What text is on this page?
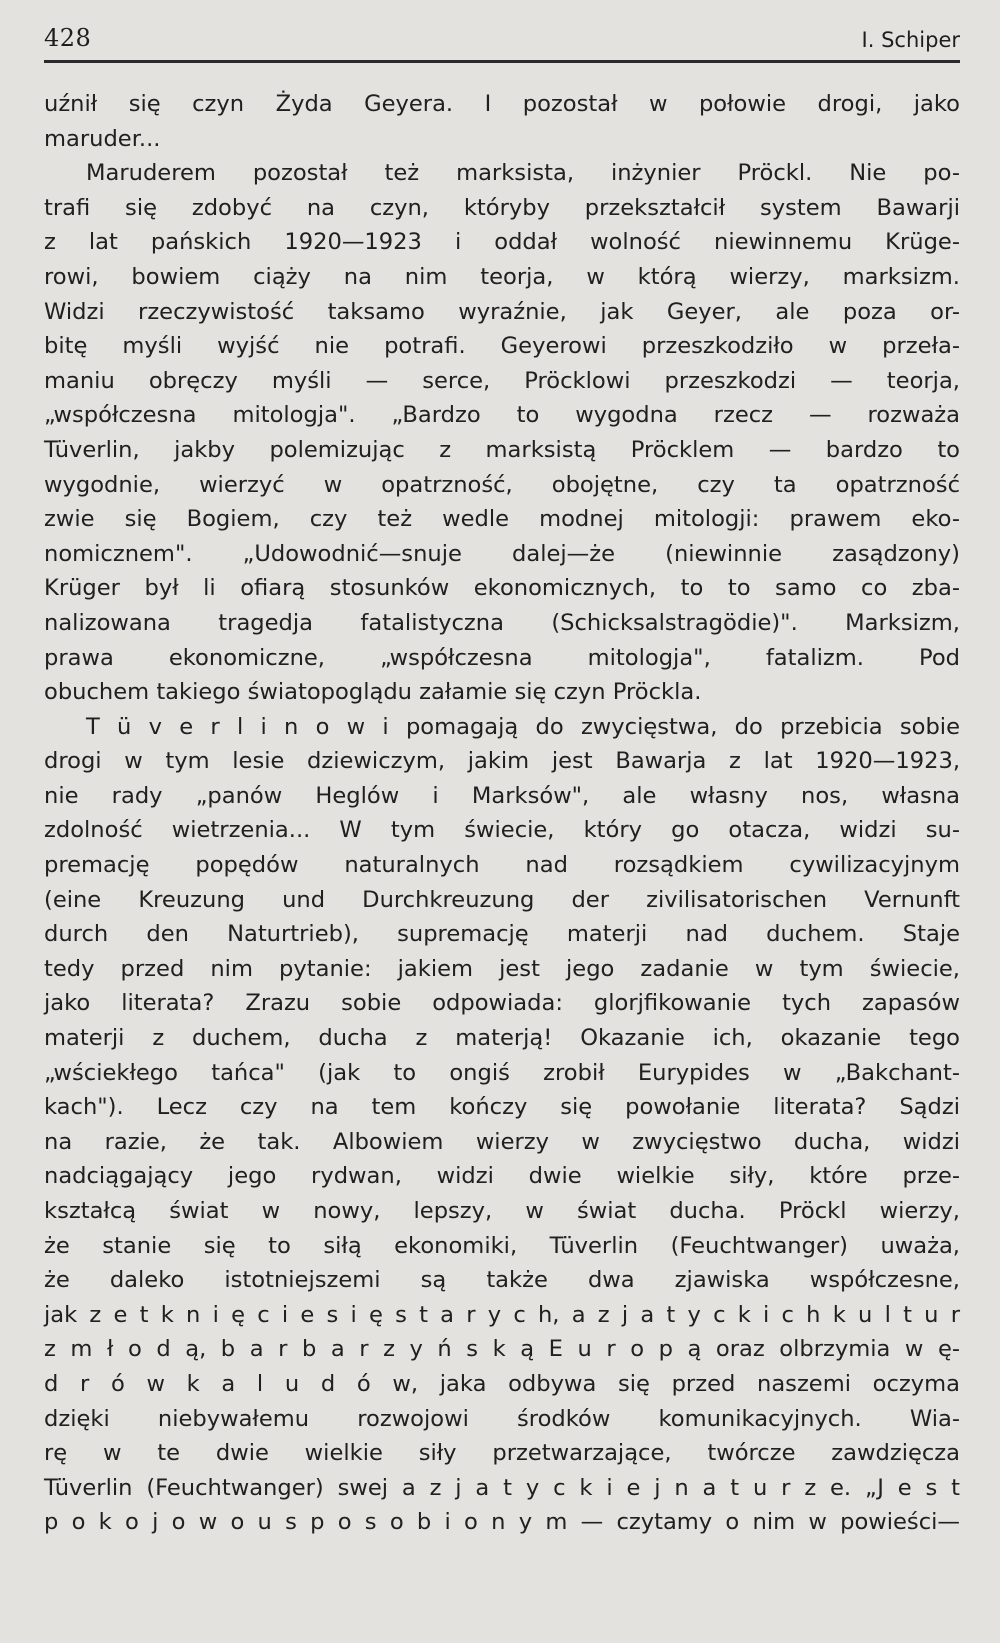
428	I. Schiper
uźnił się czyn Żyda Geyera. I pozostał w połowie drogi, jako
maruder...
Maruderem pozostał też marksista, inżynier Pröckl. Nie po-
trafi się zdobyć na czyn, któryby przekształcił system Bawarji
z lat pańskich 1920—1923 i oddał wolność niewinnemu Krüge-
rowi, bowiem ciąży na nim teorja, w którą wierzy, marksizm.
Widzi rzeczywistość taksamo wyraźnie, jak Geyer, ale poza or-
bitę myśli wyjść nie potrafi. Geyerowi przeszkodziło w przeła-
maniu obręczy myśli — serce, Pröcklowi przeszkodzi — teorja,
„współczesna mitologja". „Bardzo to wygodna rzecz — rozważa
Tüverlin, jakby polemizując z marksistą Pröcklem — bardzo to
wygodnie, wierzyć w opatrzność, obojętne, czy ta opatrzność
zwie się Bogiem, czy też wedle modnej mitologji: prawem eko-
nomicznem". „Udowodnić—snuje dalej—że (niewinnie zasądzony)
Krüger był li ofiarą stosunków ekonomicznych, to to samo co zba-
nalizowana tragedja fatalistyczna (Schicksalstragödie)". Marksizm,
prawa ekonomiczne, „współczesna mitologja", fatalizm. Pod
obuchem takiego światopoglądu załamie się czyn Pröckla.
T ü v e r l i n o w i pomagają do zwycięstwa, do przebicia sobie
drogi w tym lesie dziewiczym, jakim jest Bawarja z lat 1920—1923,
nie rady „panów Heglów i Marksów", ale własny nos, własna
zdolność wietrzenia... W tym świecie, który go otacza, widzi su-
premację popędów naturalnych nad rozsądkiem cywilizacyjnym
(eine Kreuzung und Durchkreuzung der zivilisatorischen Vernunft
durch den Naturtrieb), supremację materji nad duchem. Staje
tedy przed nim pytanie: jakiem jest jego zadanie w tym świecie,
jako literata? Zrazu sobie odpowiada: glorjfikowanie tych zapasów
materji z duchem, ducha z materją! Okazanie ich, okazanie tego
„wściekłego tańca" (jak to ongiś zrobił Eurypides w „Bakchant-
kach"). Lecz czy na tem kończy się powołanie literata? Sądzi
na razie, że tak. Albowiem wierzy w zwycięstwo ducha, widzi
nadciągający jego rydwan, widzi dwie wielkie siły, które prze-
kształcą świat w nowy, lepszy, w świat ducha. Pröckl wierzy,
że stanie się to siłą ekonomiki, Tüverlin (Feuchtwanger) uważa,
że daleko istotniejszemi są także dwa zjawiska współczesne,
jak z e t k n i ę c i e s i ę s t a r y c h, a z j a t y c k i c h k u l t u r
z m ł o d ą, b a r b a r z y ń s k ą E u r o p ą oraz olbrzymia w ę-
d r ó w k a l u d ó w, jaka odbywa się przed naszemi oczyma
dzięki niebywałemu rozwojowi środków komunikacyjnych. Wia-
rę w te dwie wielkie siły przetwarzające, twórcze zawdzięcza
Tüverlin (Feuchtwanger) swej a z j a t y c k i e j n a t u r z e. „J e s t
p o k o j o w o u s p o s o b i o n y m — czytamy o nim w powieści—
